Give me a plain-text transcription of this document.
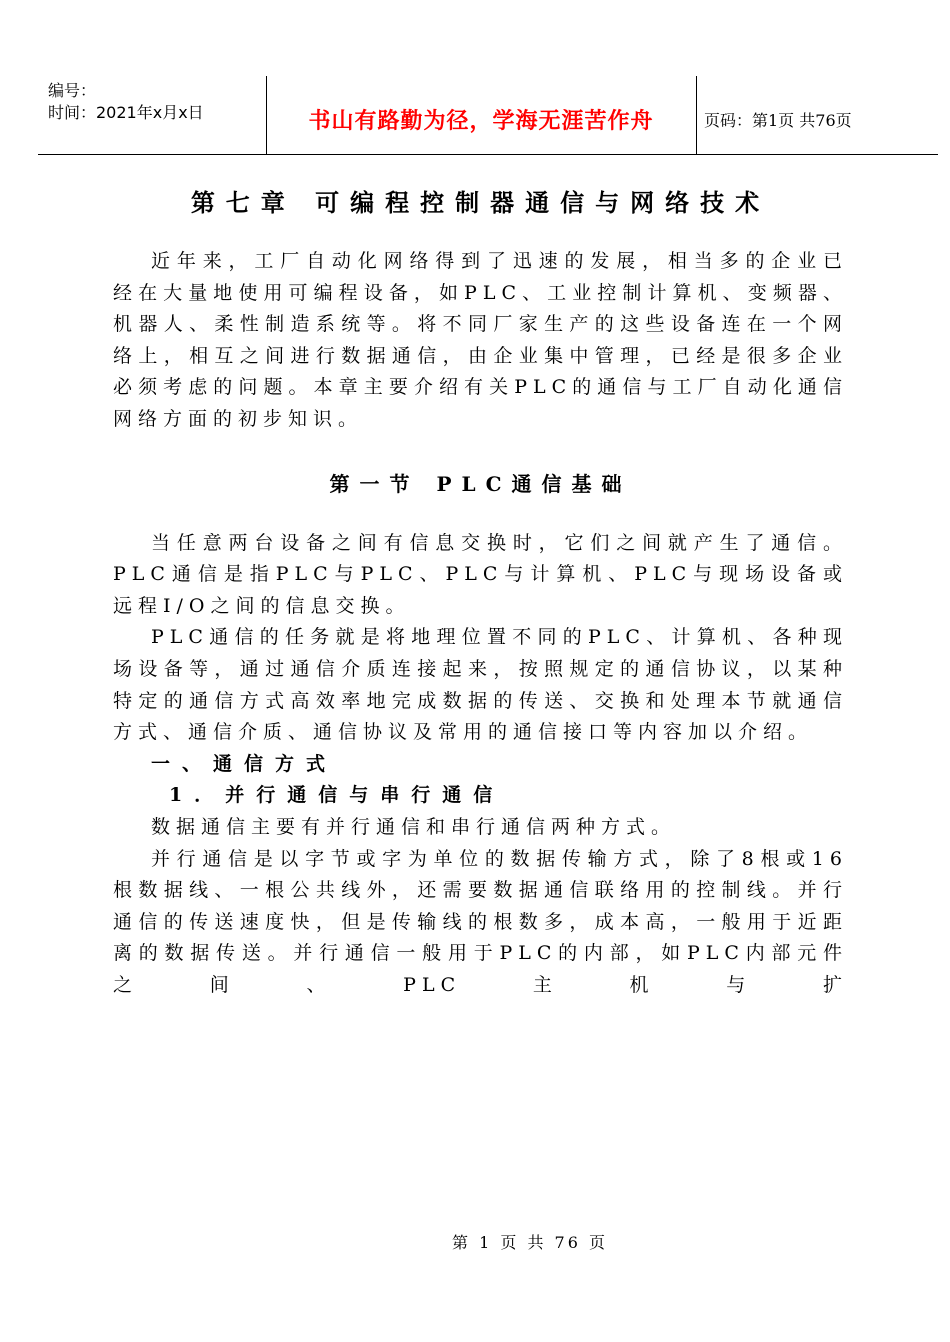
编号：
时间：2021年x月x日	书山有路勤为径，学海无涯苦作舟	页码：第1页 共76页
第七章 可编程控制器通信与网络技术

近年来，工厂自动化网络得到了迅速的发展，相当多的企业已经在大量地使用可编程设备，如PLC、工业控制计算机、变频器、机器人、柔性制造系统等。将不同厂家生产的这些设备连在一个网络上，相互之间进行数据通信，由企业集中管理，已经是很多企业必须考虑的问题。本章主要介绍有关PLC的通信与工厂自动化通信网络方面的初步知识。

第一节 PLC通信基础

当任意两台设备之间有信息交换时，它们之间就产生了通信。PLC通信是指PLC与PLC、PLC与计算机、PLC与现场设备或远程I/O之间的信息交换。

PLC通信的任务就是将地理位置不同的PLC、计算机、各种现场设备等，通过通信介质连接起来，按照规定的通信协议，以某种特定的通信方式高效率地完成数据的传送、交换和处理本节就通信方式、通信介质、通信协议及常用的通信接口等内容加以介绍。

一、通信方式

1．并行通信与串行通信

数据通信主要有并行通信和串行通信两种方式。

并行通信是以字节或字为单位的数据传输方式，除了8根或16根数据线、一根公共线外，还需要数据通信联络用的控制线。并行通信的传送速度快，但是传输线的根数多，成本高，一般用于近距离的数据传送。并行通信一般用于PLC的内部，如PLC内部元件之间、PLC主机与扩

第 1 页 共 76 页
